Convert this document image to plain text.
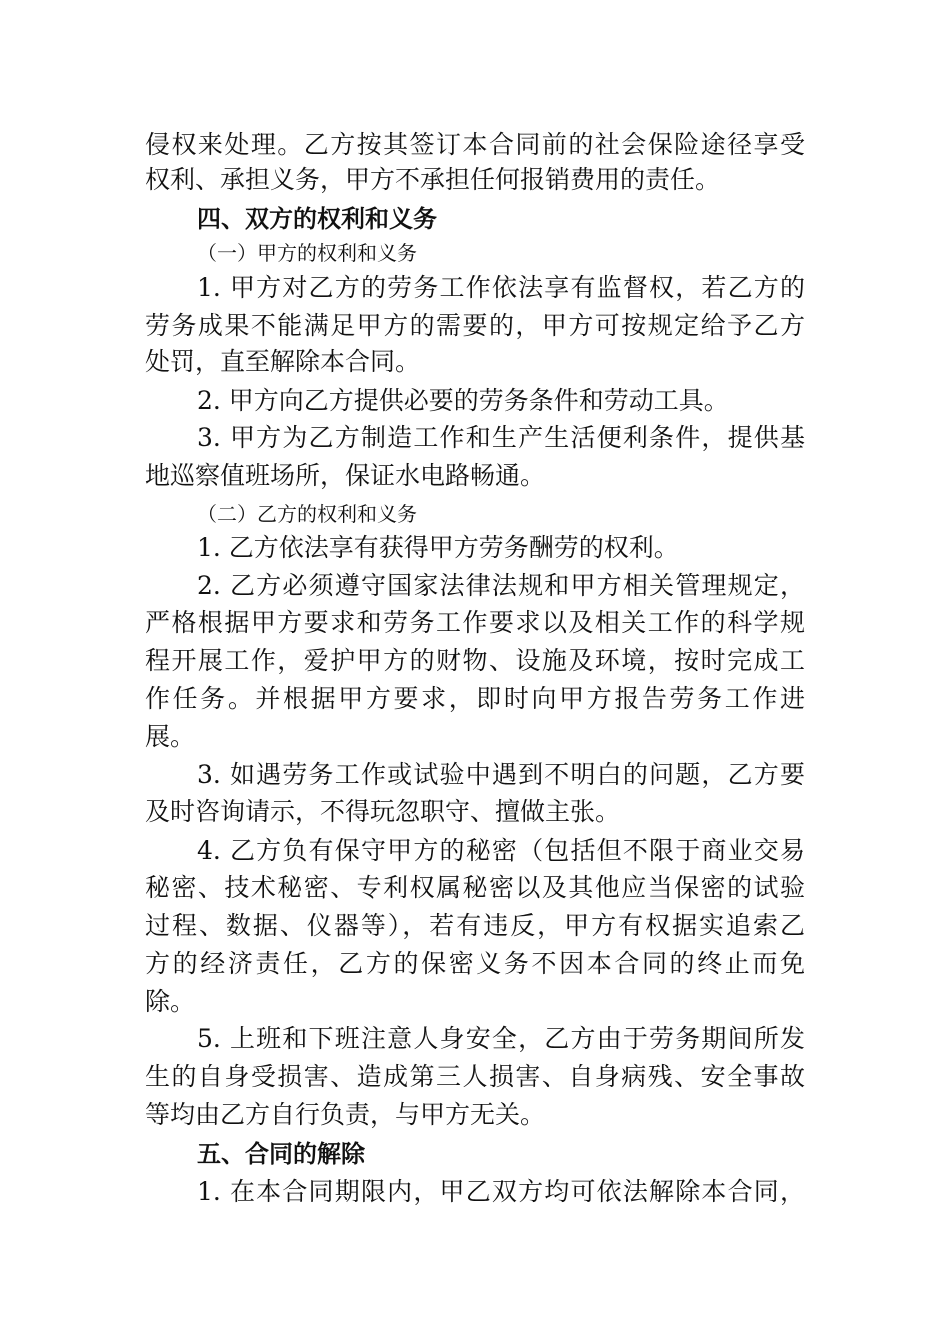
侵权来处理。乙方按其签订本合同前的社会保险途径享受
权利、承担义务，甲方不承担任何报销费用的责任。
四、双方的权利和义务
（一）甲方的权利和义务
1. 甲方对乙方的劳务工作依法享有监督权，若乙方的
劳务成果不能满足甲方的需要的，甲方可按规定给予乙方
处罚，直至解除本合同。
2. 甲方向乙方提供必要的劳务条件和劳动工具。
3. 甲方为乙方制造工作和生产生活便利条件，提供基
地巡察值班场所，保证水电路畅通。
（二）乙方的权利和义务
1. 乙方依法享有获得甲方劳务酬劳的权利。
2. 乙方必须遵守国家法律法规和甲方相关管理规定，
严格根据甲方要求和劳务工作要求以及相关工作的科学规
程开展工作，爱护甲方的财物、设施及环境，按时完成工
作任务。并根据甲方要求，即时向甲方报告劳务工作进
展。
3. 如遇劳务工作或试验中遇到不明白的问题，乙方要
及时咨询请示，不得玩忽职守、擅做主张。
4. 乙方负有保守甲方的秘密（包括但不限于商业交易
秘密、技术秘密、专利权属秘密以及其他应当保密的试验
过程、数据、仪器等），若有违反，甲方有权据实追索乙
方的经济责任，乙方的保密义务不因本合同的终止而免
除。
5. 上班和下班注意人身安全，乙方由于劳务期间所发
生的自身受损害、造成第三人损害、自身病残、安全事故
等均由乙方自行负责，与甲方无关。
五、合同的解除
1. 在本合同期限内，甲乙双方均可依法解除本合同，
